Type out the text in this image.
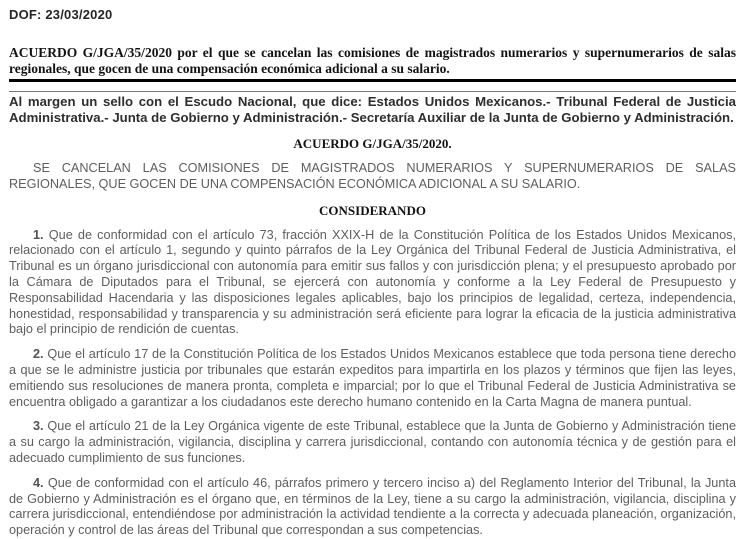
DOF: 23/03/2020

ACUERDO G/JGA/35/2020 por el que se cancelan las comisiones de magistrados numerarios y supernumerarios de salas regionales, que gocen de una compensación económica adicional a su salario.

Al margen un sello con el Escudo Nacional, que dice: Estados Unidos Mexicanos.- Tribunal Federal de Justicia Administrativa.- Junta de Gobierno y Administración.- Secretaría Auxiliar de la Junta de Gobierno y Administración.

ACUERDO G/JGA/35/2020.

SE CANCELAN LAS COMISIONES DE MAGISTRADOS NUMERARIOS Y SUPERNUMERARIOS DE SALAS REGIONALES, QUE GOCEN DE UNA COMPENSACIÓN ECONÓMICA ADICIONAL A SU SALARIO.

CONSIDERANDO

1. Que de conformidad con el artículo 73, fracción XXIX-H de la Constitución Política de los Estados Unidos Mexicanos, relacionado con el artículo 1, segundo y quinto párrafos de la Ley Orgánica del Tribunal Federal de Justicia Administrativa, el Tribunal es un órgano jurisdiccional con autonomía para emitir sus fallos y con jurisdicción plena; y el presupuesto aprobado por la Cámara de Diputados para el Tribunal, se ejercerá con autonomía y conforme a la Ley Federal de Presupuesto y Responsabilidad Hacendaria y las disposiciones legales aplicables, bajo los principios de legalidad, certeza, independencia, honestidad, responsabilidad y transparencia y su administración será eficiente para lograr la eficacia de la justicia administrativa bajo el principio de rendición de cuentas.

2. Que el artículo 17 de la Constitución Política de los Estados Unidos Mexicanos establece que toda persona tiene derecho a que se le administre justicia por tribunales que estarán expeditos para impartirla en los plazos y términos que fijen las leyes, emitiendo sus resoluciones de manera pronta, completa e imparcial; por lo que el Tribunal Federal de Justicia Administrativa se encuentra obligado a garantizar a los ciudadanos este derecho humano contenido en la Carta Magna de manera puntual.

3. Que el artículo 21 de la Ley Orgánica vigente de este Tribunal, establece que la Junta de Gobierno y Administración tiene a su cargo la administración, vigilancia, disciplina y carrera jurisdiccional, contando con autonomía técnica y de gestión para el adecuado cumplimiento de sus funciones.

4. Que de conformidad con el artículo 46, párrafos primero y tercero inciso a) del Reglamento Interior del Tribunal, la Junta de Gobierno y Administración es el órgano que, en términos de la Ley, tiene a su cargo la administración, vigilancia, disciplina y carrera jurisdiccional, entendiéndose por administración la actividad tendiente a la correcta y adecuada planeación, organización, operación y control de las áreas del Tribunal que correspondan a sus competencias.
